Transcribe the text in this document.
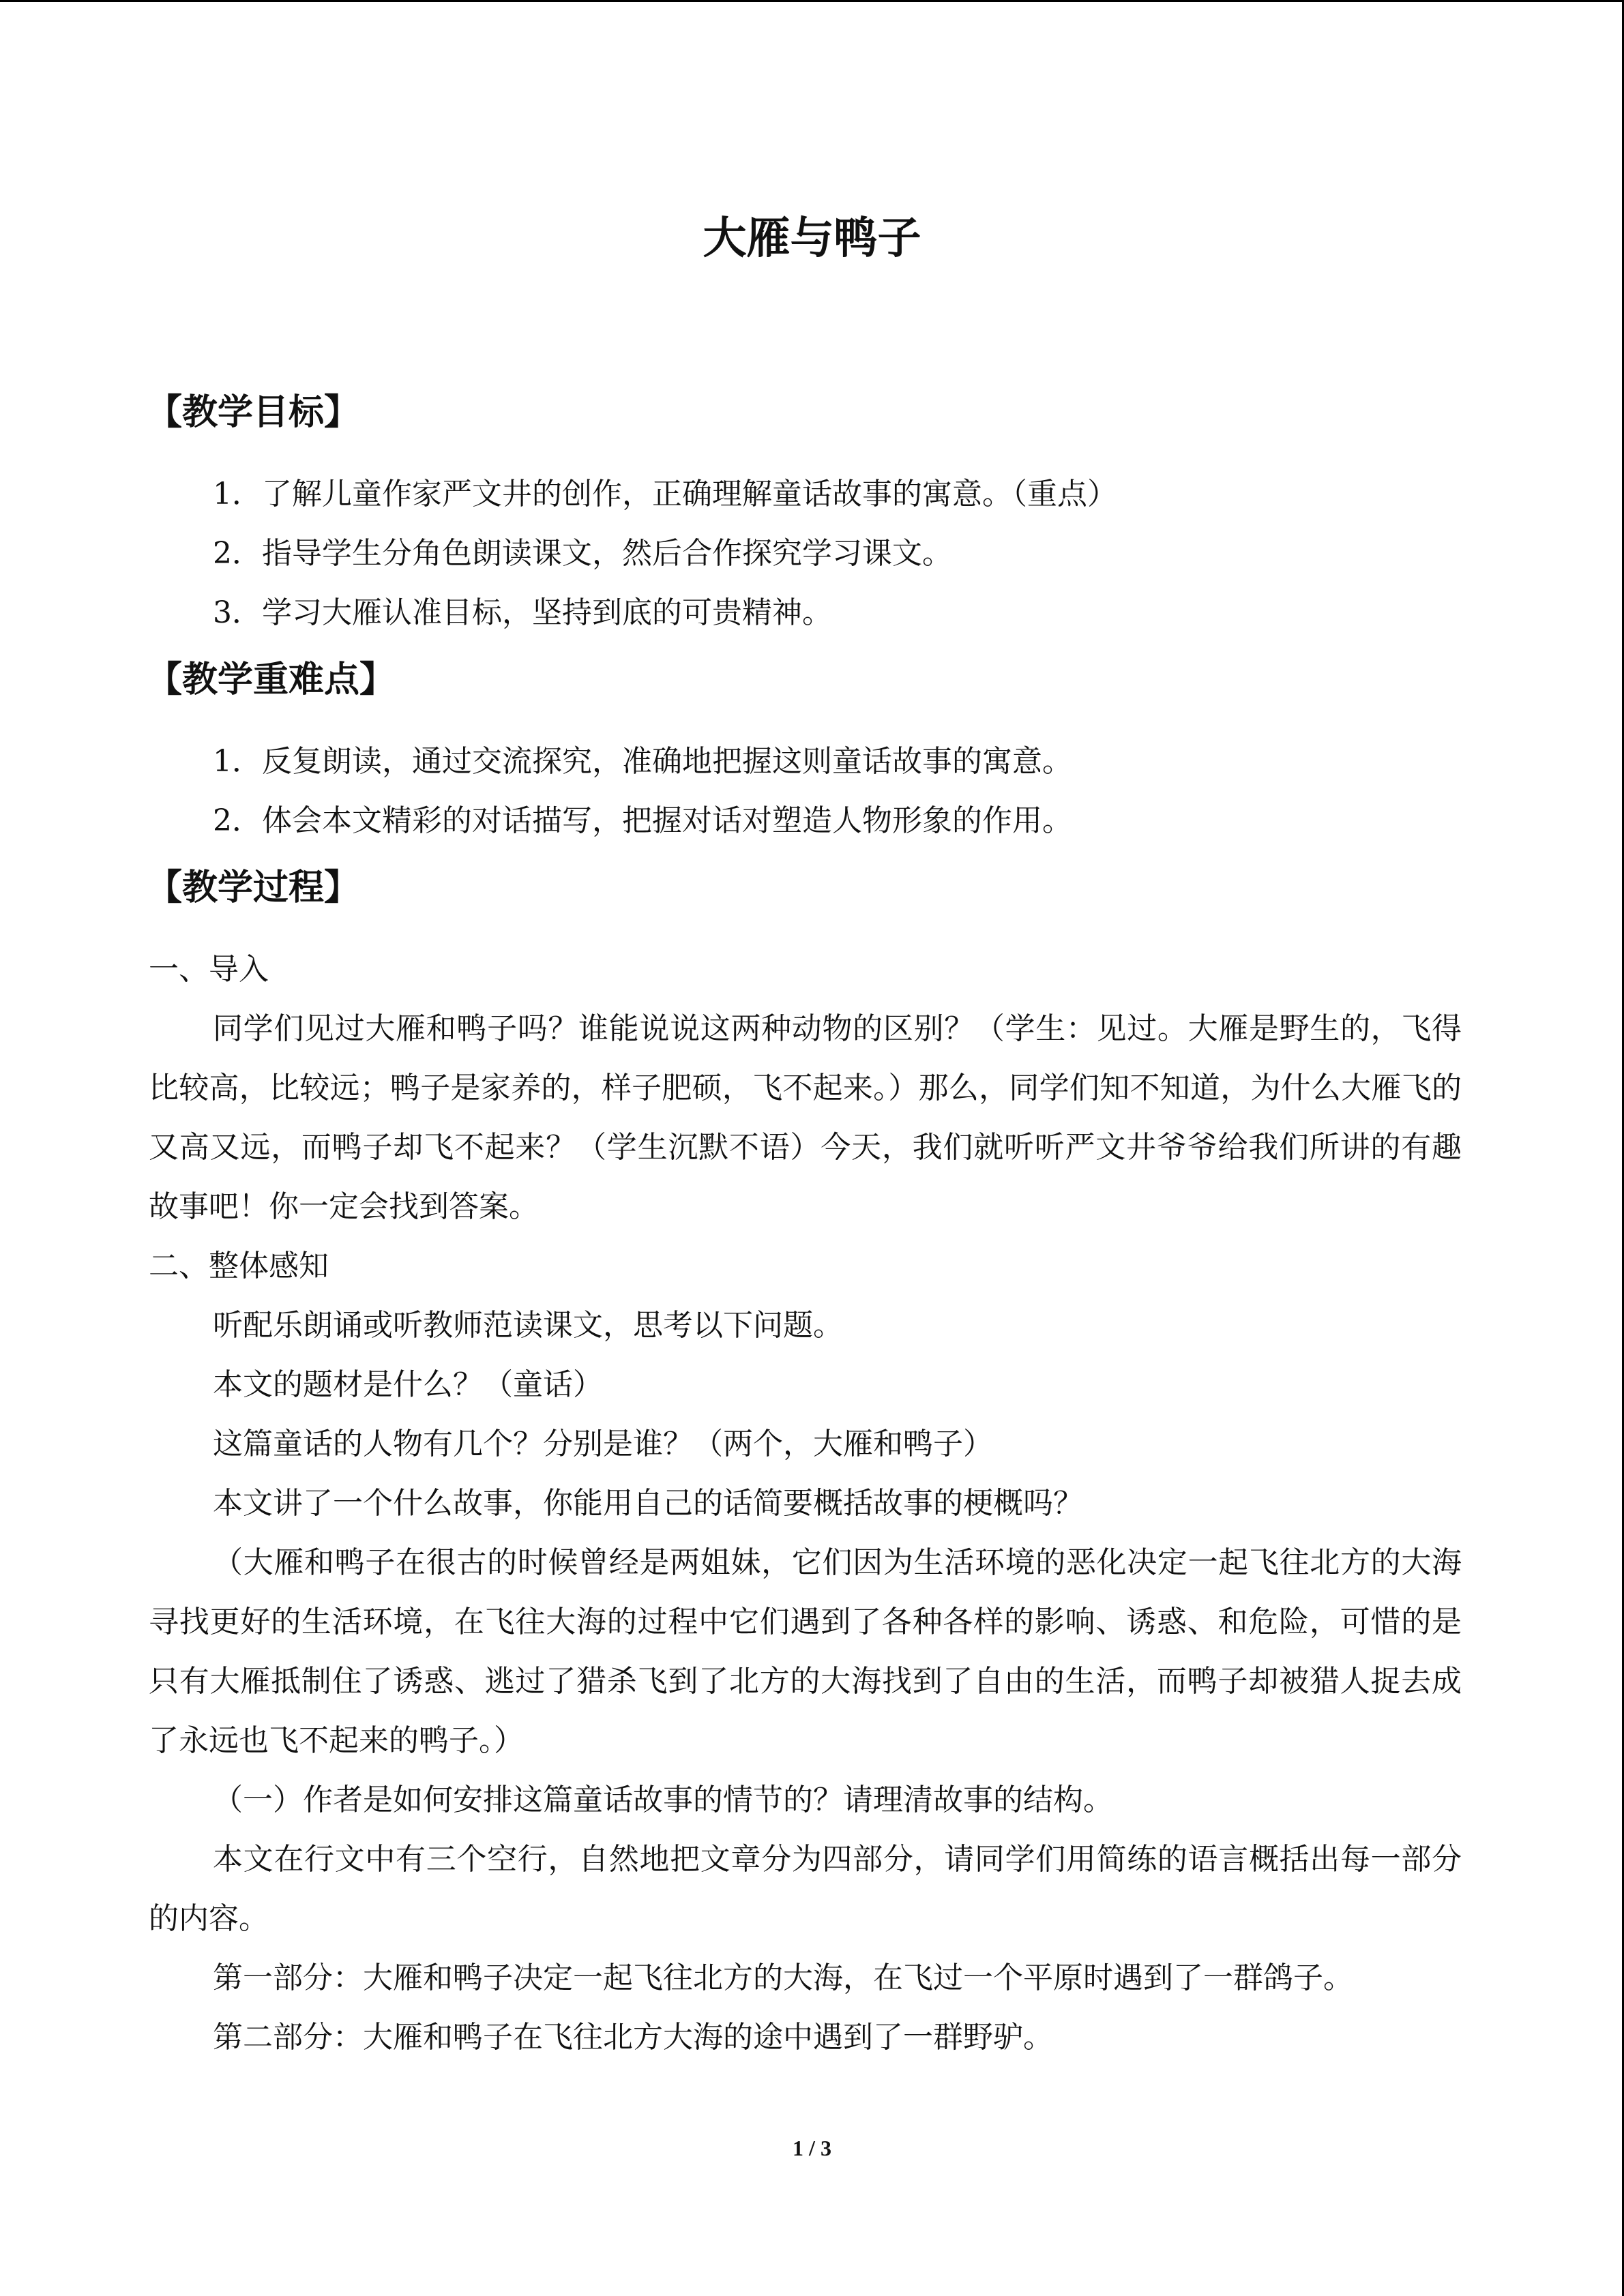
大雁与鸭子
【教学目标】
1．了解儿童作家严文井的创作，正确理解童话故事的寓意。（重点）
2．指导学生分角色朗读课文，然后合作探究学习课文。
3．学习大雁认准目标，坚持到底的可贵精神。
【教学重难点】
1．反复朗读，通过交流探究，准确地把握这则童话故事的寓意。
2．体会本文精彩的对话描写，把握对话对塑造人物形象的作用。
【教学过程】
一、导入
同学们见过大雁和鸭子吗？谁能说说这两种动物的区别？（学生：见过。大雁是野生的，飞得比较高，比较远；鸭子是家养的，样子肥硕，飞不起来。）那么，同学们知不知道，为什么大雁飞的又高又远，而鸭子却飞不起来？（学生沉默不语）今天，我们就听听严文井爷爷给我们所讲的有趣故事吧！你一定会找到答案。
二、整体感知
听配乐朗诵或听教师范读课文，思考以下问题。
本文的题材是什么？（童话）
这篇童话的人物有几个？分别是谁？（两个，大雁和鸭子）
本文讲了一个什么故事，你能用自己的话简要概括故事的梗概吗？
（大雁和鸭子在很古的时候曾经是两姐妹，它们因为生活环境的恶化决定一起飞往北方的大海寻找更好的生活环境，在飞往大海的过程中它们遇到了各种各样的影响、诱惑、和危险，可惜的是只有大雁抵制住了诱惑、逃过了猎杀飞到了北方的大海找到了自由的生活，而鸭子却被猎人捉去成了永远也飞不起来的鸭子。）
（一）作者是如何安排这篇童话故事的情节的？请理清故事的结构。
本文在行文中有三个空行，自然地把文章分为四部分，请同学们用简练的语言概括出每一部分的内容。
第一部分：大雁和鸭子决定一起飞往北方的大海，在飞过一个平原时遇到了一群鸽子。
第二部分：大雁和鸭子在飞往北方大海的途中遇到了一群野驴。
1 / 3
